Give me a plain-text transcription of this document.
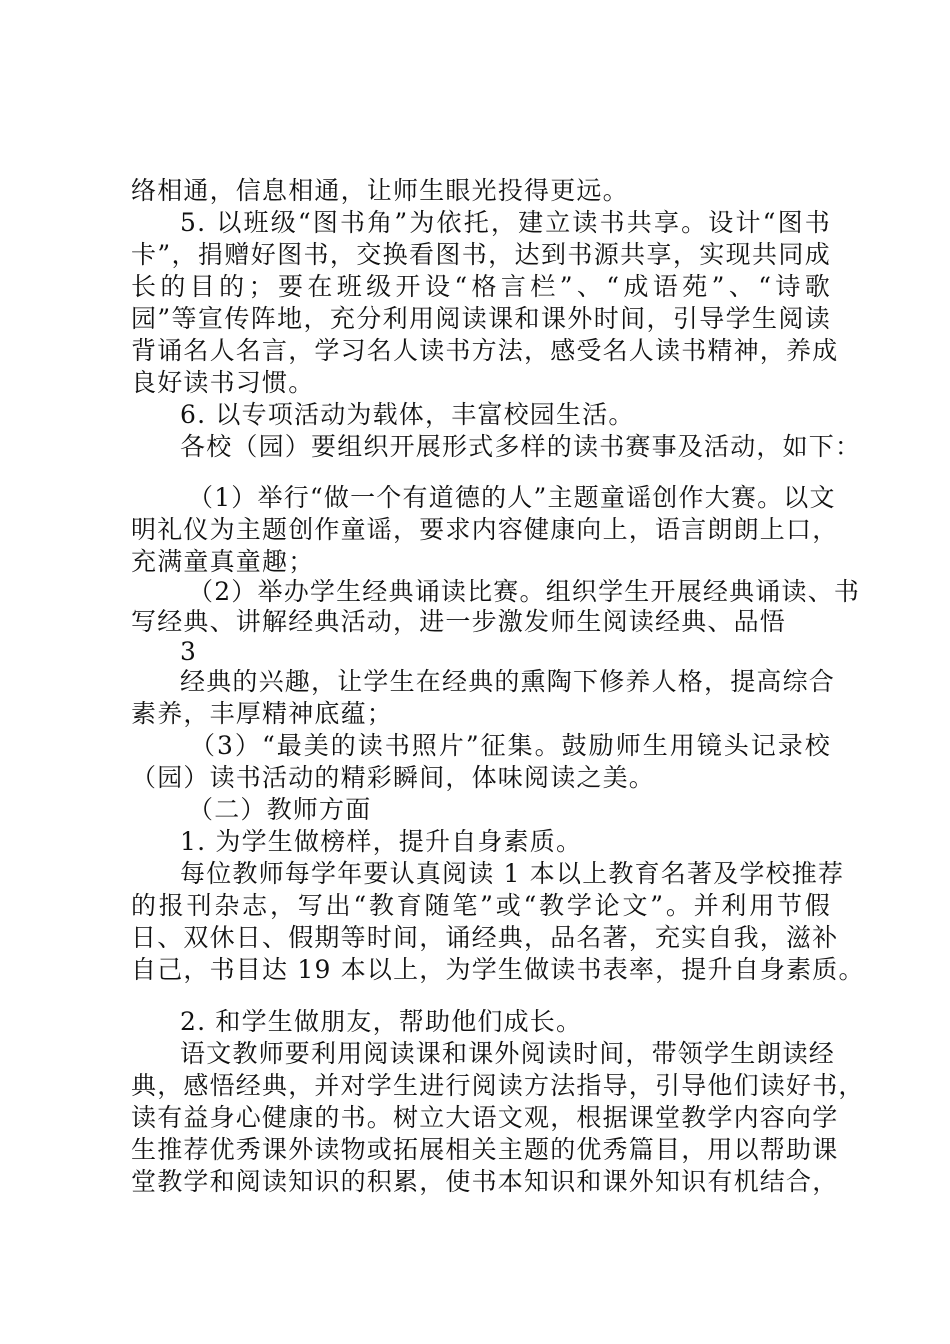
络相通，信息相通，让师生眼光投得更远。
5. 以班级“图书角”为依托，建立读书共享。设计“图书
卡”，捐赠好图书，交换看图书，达到书源共享，实现共同成
长的目的；要在班级开设“格言栏”、“成语苑”、“诗歌
园”等宣传阵地，充分利用阅读课和课外时间，引导学生阅读
背诵名人名言，学习名人读书方法，感受名人读书精神，养成
良好读书习惯。
6. 以专项活动为载体，丰富校园生活。
各校（园）要组织开展形式多样的读书赛事及活动，如下：
（1）举行“做一个有道德的人”主题童谣创作大赛。以文
明礼仪为主题创作童谣，要求内容健康向上，语言朗朗上口，
充满童真童趣；
（2）举办学生经典诵读比赛。组织学生开展经典诵读、书
写经典、讲解经典活动，进一步激发师生阅读经典、品悟
3
经典的兴趣，让学生在经典的熏陶下修养人格，提高综合
素养，丰厚精神底蕴；
（3）“最美的读书照片”征集。鼓励师生用镜头记录校
（园）读书活动的精彩瞬间，体味阅读之美。
（二）教师方面
1. 为学生做榜样，提升自身素质。
每位教师每学年要认真阅读 1 本以上教育名著及学校推荐
的报刊杂志，写出“教育随笔”或“教学论文”。并利用节假
日、双休日、假期等时间，诵经典，品名著，充实自我，滋补
自己，书目达 19 本以上，为学生做读书表率，提升自身素质。
2. 和学生做朋友，帮助他们成长。
语文教师要利用阅读课和课外阅读时间，带领学生朗读经
典，感悟经典，并对学生进行阅读方法指导，引导他们读好书，
读有益身心健康的书。树立大语文观，根据课堂教学内容向学
生推荐优秀课外读物或拓展相关主题的优秀篇目，用以帮助课
堂教学和阅读知识的积累，使书本知识和课外知识有机结合，
